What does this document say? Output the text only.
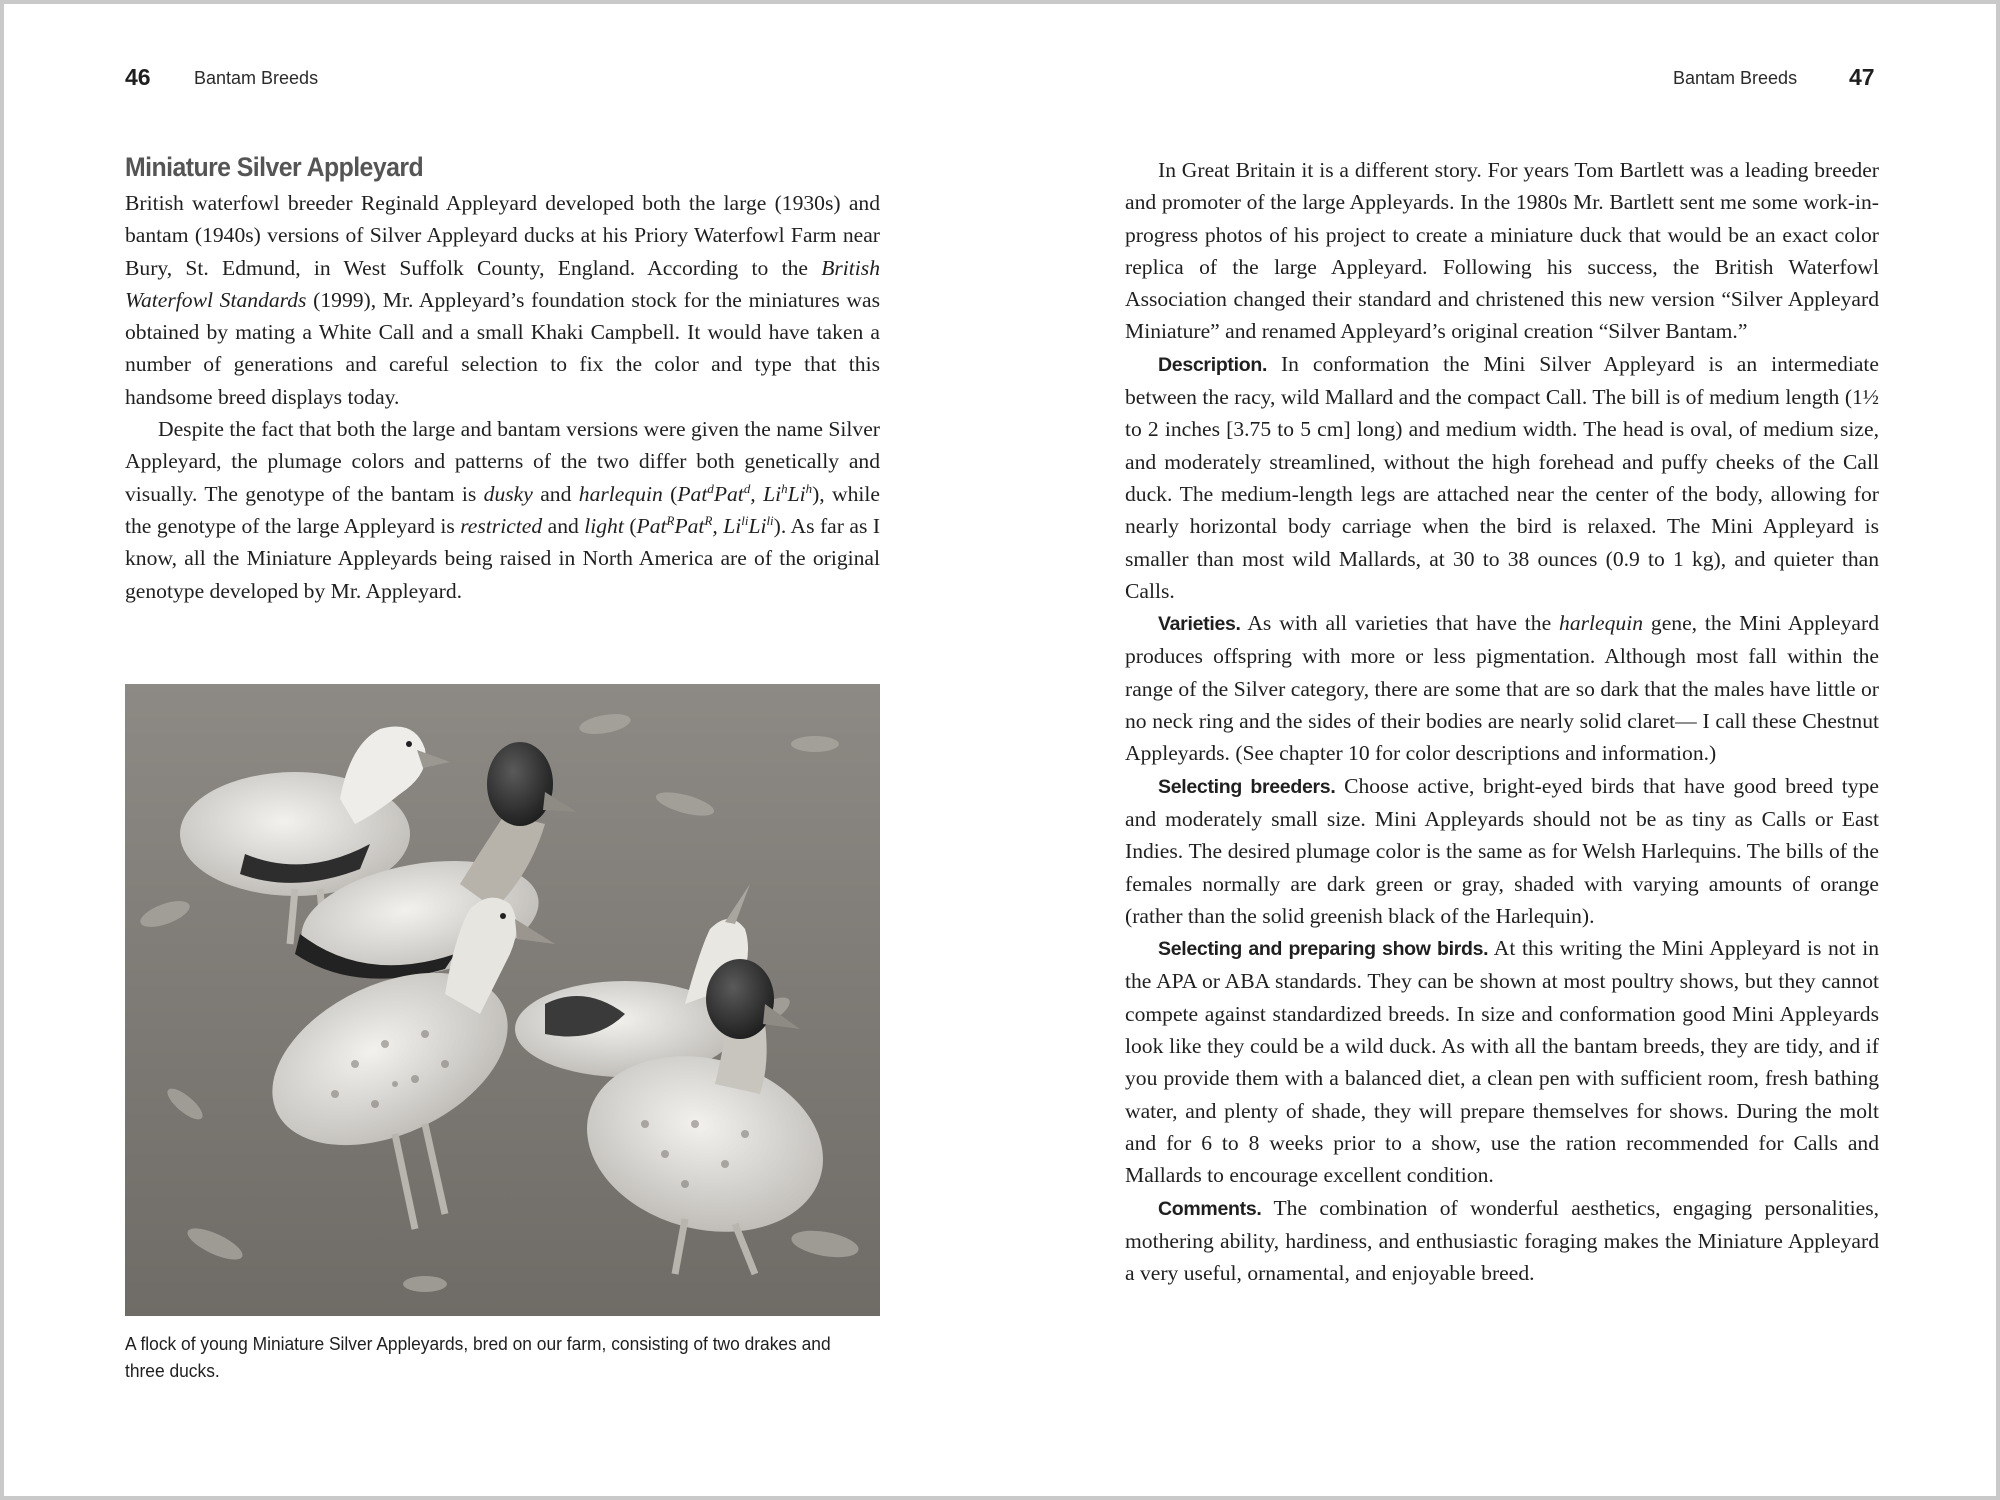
46 Bantam Breeds
Miniature Silver Appleyard

British waterfowl breeder Reginald Appleyard developed both the large (1930s) and bantam (1940s) versions of Silver Appleyard ducks at his Priory Waterfowl Farm near Bury, St. Edmund, in West Suffolk County, England. According to the British Waterfowl Standards (1999), Mr. Appleyard’s foundation stock for the miniatures was obtained by mating a White Call and a small Khaki Campbell. It would have taken a number of generations and careful selection to fix the color and type that this handsome breed displays today.

Despite the fact that both the large and bantam versions were given the name Silver Appleyard, the plumage colors and patterns of the two differ both genetically and visually. The genotype of the bantam is dusky and harlequin (Pat$^d$Pat$^d$, Li$^h$Li$^h$), while the genotype of the large Appleyard is restricted and light (Pat$^R$Pat$^R$, $Li^{li}Li^{li}$). As far as I know, all the Miniature Appleyards being raised in North America are of the original genotype developed by Mr. Appleyard.

A flock of young Miniature Silver Appleyards, bred on our farm, consisting of two drakes and three ducks.
Bantam Breeds 47

In Great Britain it is a different story. For years Tom Bartlett was a leading breeder and promoter of the large Appleyards. In the 1980s Mr. Bartlett sent me some work-in-progress photos of his project to create a miniature duck that would be an exact color replica of the large Appleyard. Following his success, the British Waterfowl Association changed their standard and christened this new version “Silver Appleyard Miniature” and renamed Appleyard’s original creation “Silver Bantam.”

Description. In conformation the Mini Silver Appleyard is an intermediate between the racy, wild Mallard and the compact Call. The bill is of medium length (1½ to 2 inches [3.75 to 5 cm] long) and medium width. The head is oval, of medium size, and moderately streamlined, without the high forehead and puffy cheeks of the Call duck. The medium-length legs are attached near the center of the body, allowing for nearly horizontal body carriage when the bird is relaxed. The Mini Appleyard is smaller than most wild Mallards, at 30 to 38 ounces (0.9 to 1 kg), and quieter than Calls.

Varieties. As with all varieties that have the harlequin gene, the Mini Appleyard produces offspring with more or less pigmentation. Although most fall within the range of the Silver category, there are some that are so dark that the males have little or no neck ring and the sides of their bodies are nearly solid claret— I call these Chestnut Appleyards. (See chapter 10 for color descriptions and information.)

Selecting breeders. Choose active, bright-eyed birds that have good breed type and moderately small size. Mini Appleyards should not be as tiny as Calls or East Indies. The desired plumage color is the same as for Welsh Harlequins. The bills of the females normally are dark green or gray, shaded with varying amounts of orange (rather than the solid greenish black of the Harlequin).

Selecting and preparing show birds. At this writing the Mini Appleyard is not in the APA or ABA standards. They can be shown at most poultry shows, but they cannot compete against standardized breeds. In size and conformation good Mini Appleyards look like they could be a wild duck. As with all the bantam breeds, they are tidy, and if you provide them with a balanced diet, a clean pen with sufficient room, fresh bathing water, and plenty of shade, they will prepare themselves for shows. During the molt and for 6 to 8 weeks prior to a show, use the ration recommended for Calls and Mallards to encourage excellent condition.

Comments. The combination of wonderful aesthetics, engaging personalities, mothering ability, hardiness, and enthusiastic foraging makes the Miniature Appleyard a very useful, ornamental, and enjoyable breed.
